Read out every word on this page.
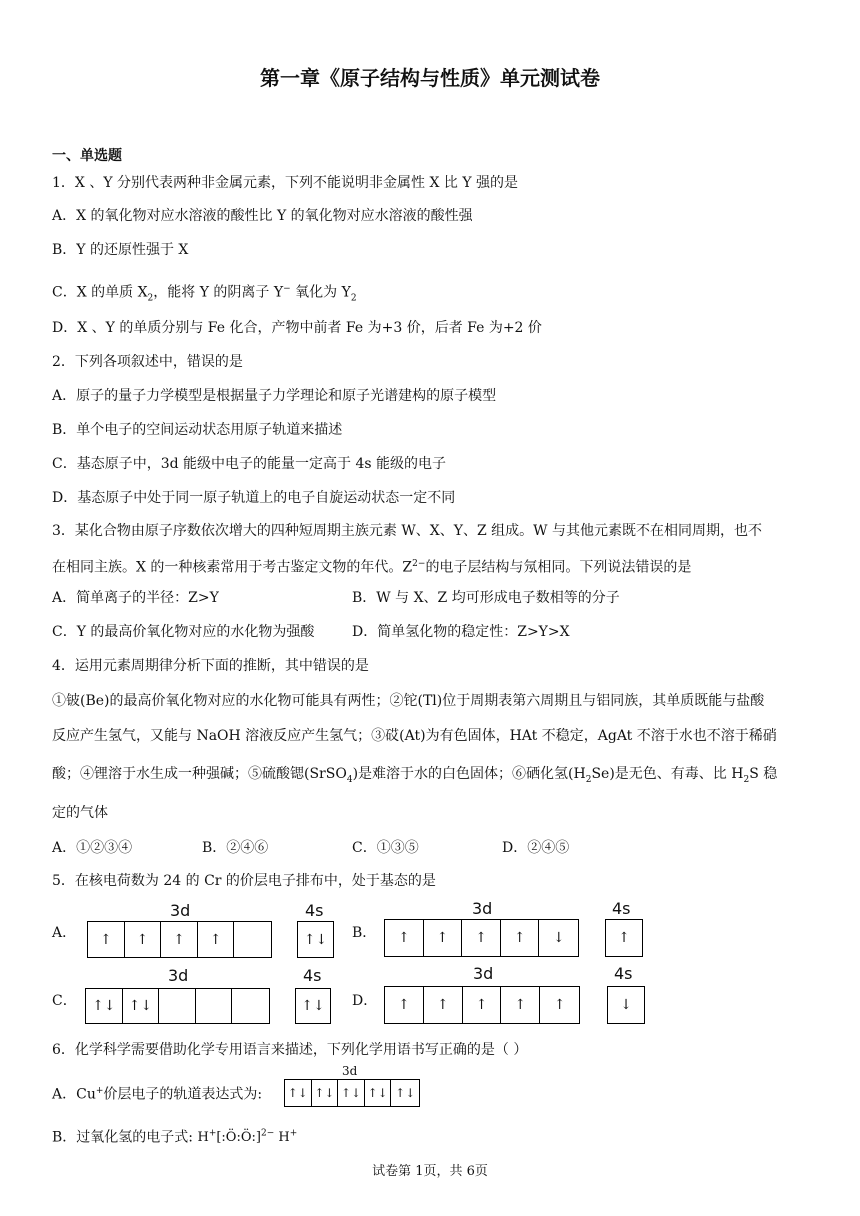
第一章《原子结构与性质》单元测试卷
一、单选题
1．X 、Y 分别代表两种非金属元素，下列不能说明非金属性 X 比 Y 强的是
A．X 的氧化物对应水溶液的酸性比 Y 的氧化物对应水溶液的酸性强
B．Y 的还原性强于 X
C．X 的单质 $X_2$，能将 Y 的阴离子 Y− 氧化为 $Y_2$
D．X 、Y 的单质分别与 Fe 化合，产物中前者 Fe 为+3 价，后者 Fe 为+2 价
2．下列各项叙述中，错误的是
A．原子的量子力学模型是根据量子力学理论和原子光谱建构的原子模型
B．单个电子的空间运动状态用原子轨道来描述
C．基态原子中，3d 能级中电子的能量一定高于 4s 能级的电子
D．基态原子中处于同一原子轨道上的电子自旋运动状态一定不同
3．某化合物由原子序数依次增大的四种短周期主族元素 W、X、Y、Z 组成。W 与其他元素既不在相同周期，也不
在相同主族。X 的一种核素常用于考古鉴定文物的年代。$Z^{2-}$的电子层结构与氖相同。下列说法错误的是
A．简单离子的半径：Z>Y	B．W 与 X、Z 均可形成电子数相等的分子
C．Y 的最高价氧化物对应的水化物为强酸	D．简单氢化物的稳定性：Z>Y>X
4．运用元素周期律分析下面的推断，其中错误的是
①铍(Be)的最高价氧化物对应的水化物可能具有两性；②铊(Tl)位于周期表第六周期且与铝同族，其单质既能与盐酸
反应产生氢气，又能与 NaOH 溶液反应产生氢气；③砹(At)为有色固体，HAt 不稳定，AgAt 不溶于水也不溶于稀硝
酸；④锂溶于水生成一种强碱；⑤硫酸锶(SrSO$_4$)是难溶于水的白色固体；⑥硒化氢$(H_2Se)$是无色、有毒、比 $H_2S$ 稳
定的气体
A．①②③④	B．②④⑥	C．①③⑤	D．②④⑤
5．在核电荷数为 24 的 Cr 的价层电子排布中，处于基态的是
A．
3d	4s
↑	↑	↑	↑	↑↓	B．
3d	4s
↑	↑	↑	↑	↓	↑
C．
3d	4s
↑↓ ↑↓	↑↓	D．
3d	4s
↑	↑	↑	↑	↑	↓
6．化学科学需要借助化学专用语言来描述，下列化学用语书写正确的是（ ）
A．Cu+价层电子的轨道表达式为:
3d
↑↓ ↑↓ ↑↓ ↑↓ ↑↓
B．过氧化氢的电子式: H+[:Ö:Ö:]$^{2-}$ H+
试卷第 1页，共 6页
